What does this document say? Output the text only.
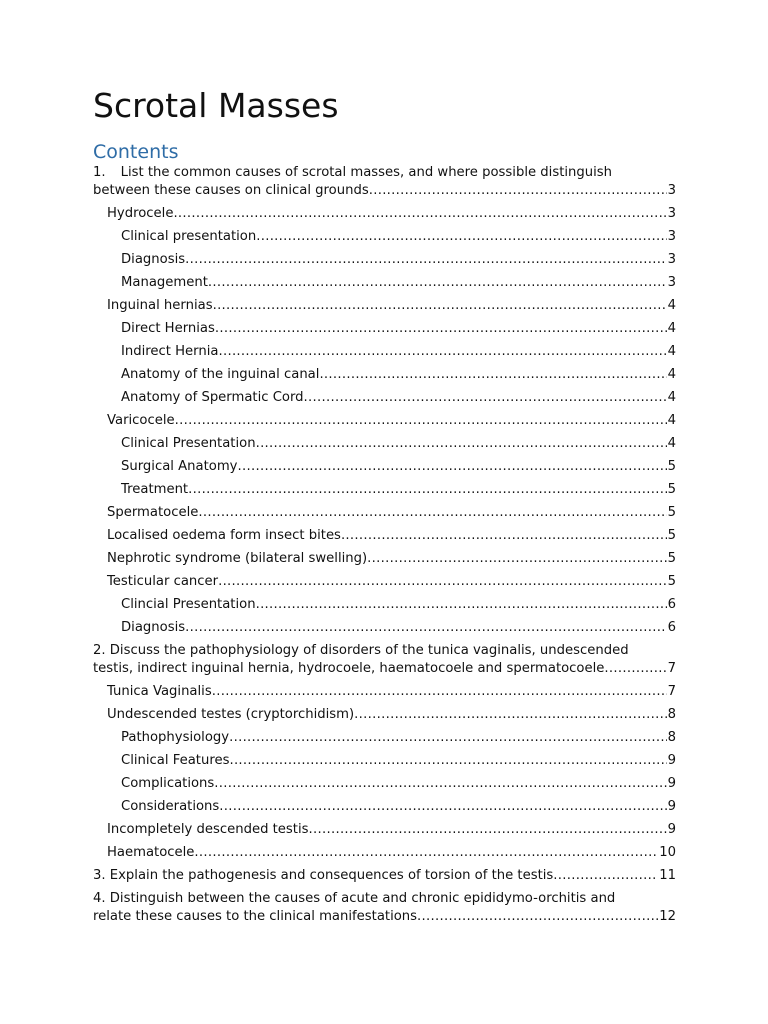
Scrotal Masses
Contents
1. List the common causes of scrotal masses, and where possible distinguish
between these causes on clinical grounds .....	3
Hydrocele .....	3
Clinical presentation .....	3
Diagnosis .....	3
Management .....	3
Inguinal hernias .....	4
Direct Hernias .....	4
Indirect Hernia .....	4
Anatomy of the inguinal canal .....	4
Anatomy of Spermatic Cord .....	4
Varicocele .....	4
Clinical Presentation .....	4
Surgical Anatomy .....	5
Treatment .....	5
Spermatocele .....	5
Localised oedema form insect bites .....	5
Nephrotic syndrome (bilateral swelling) .....	5
Testicular cancer .....	5
Clincial Presentation .....	6
Diagnosis .....	6
2. Discuss the pathophysiology of disorders of the tunica vaginalis, undescended
testis, indirect inguinal hernia, hydrocoele, haematocoele and spermatocoele .....	7
Tunica Vaginalis .....	7
Undescended testes (cryptorchidism) .....	8
Pathophysiology .....	8
Clinical Features .....	9
Complications .....	9
Considerations .....	9
Incompletely descended testis .....	9
Haematocele .....	10
3. Explain the pathogenesis and consequences of torsion of the testis .....	11
4. Distinguish between the causes of acute and chronic epididymo-orchitis and
relate these causes to the clinical manifestations .....	12
